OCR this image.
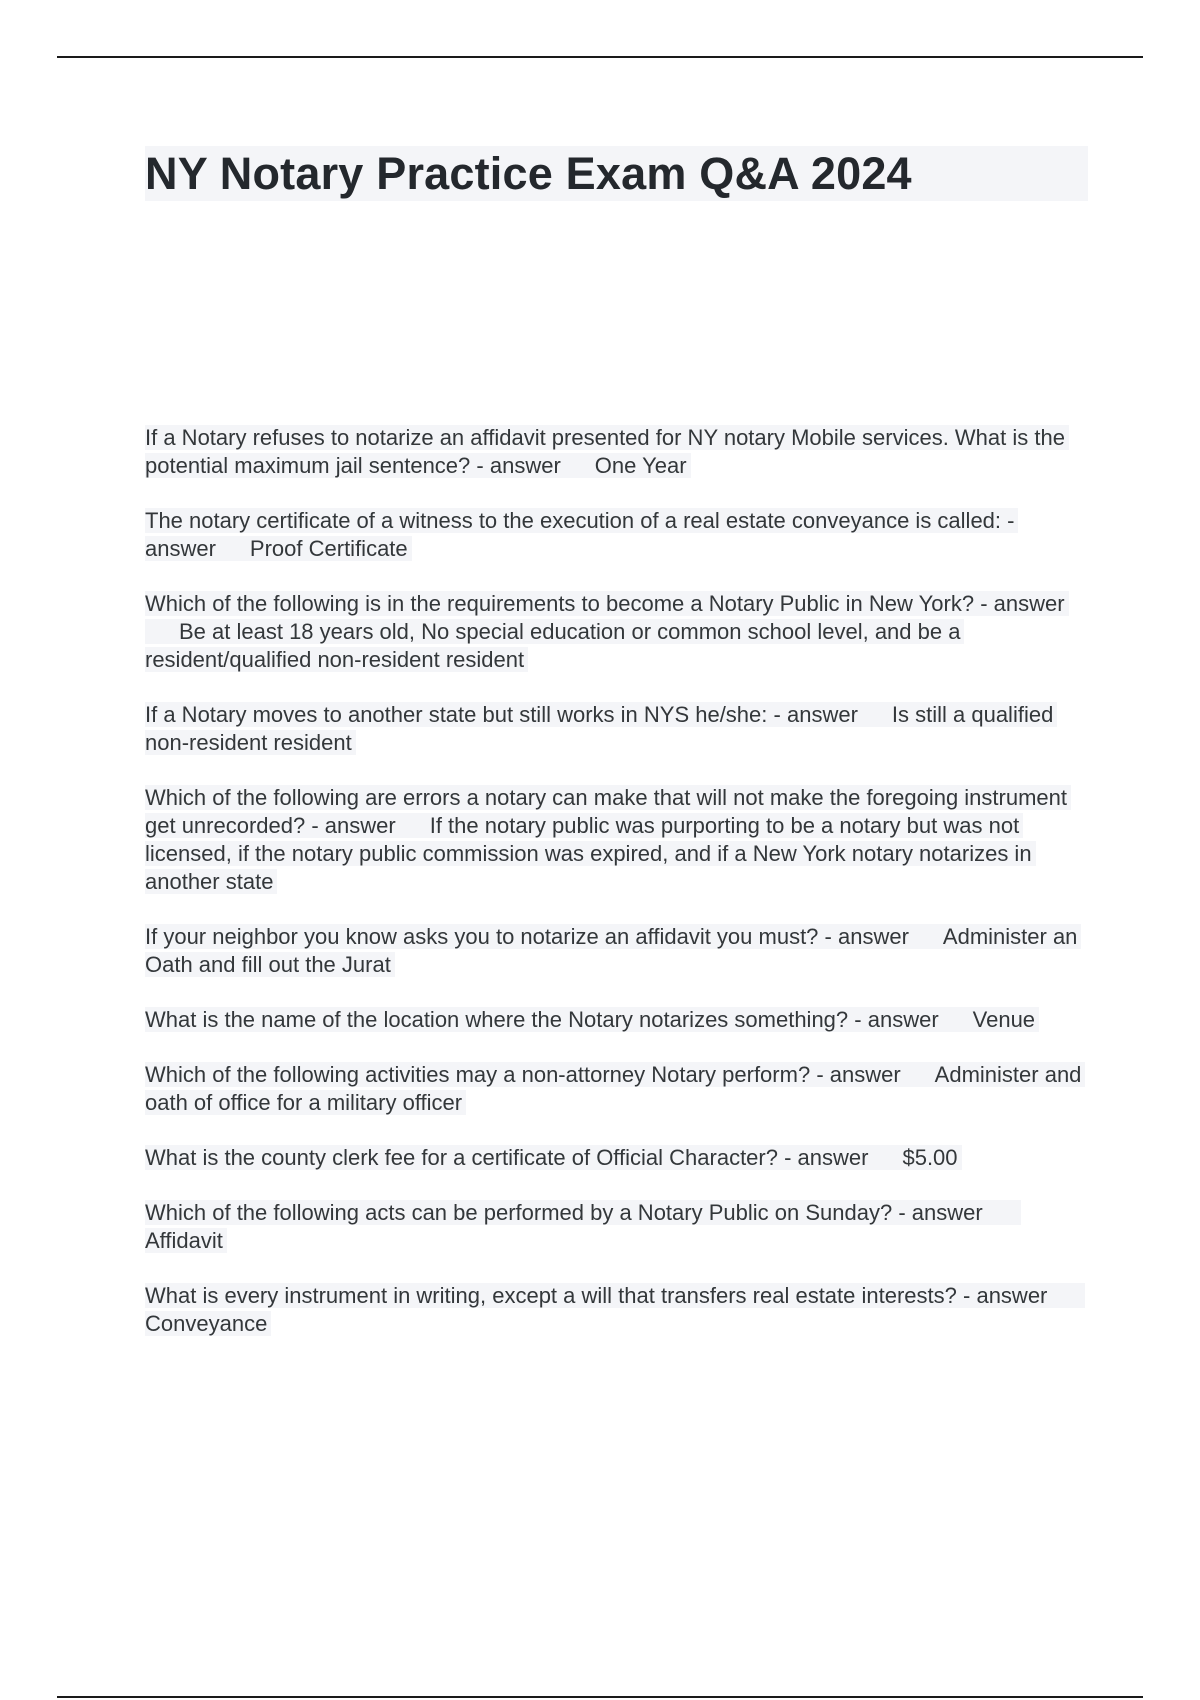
NY Notary Practice Exam Q&A 2024

If a Notary refuses to notarize an affidavit presented for NY notary Mobile services. What is the potential maximum jail sentence? - answer One Year

The notary certificate of a witness to the execution of a real estate conveyance is called: - answer Proof Certificate

Which of the following is in the requirements to become a Notary Public in New York? - answerBe at least 18 years old, No special education or common school level, and be a resident/qualified non-resident resident

If a Notary moves to another state but still works in NYS he/she: - answer Is still a qualified non-resident resident

Which of the following are errors a notary can make that will not make the foregoing instrument get unrecorded? - answer If the notary public was purporting to be a notary but was not licensed, if the notary public commission was expired, and if a New York notary notarizes in another state

If your neighbor you know asks you to notarize an affidavit you must? - answer Administer an Oath and fill out the Jurat

What is the name of the location where the Notary notarizes something? - answer Venue

Which of the following activities may a non-attorney Notary perform? - answer Administer and oath of office for a military officer

What is the county clerk fee for a certificate of Official Character? - answer $5.00

Which of the following acts can be performed by a Notary Public on Sunday? - answerAffidavit

What is every instrument in writing, except a will that transfers real estate interests? - answerConveyance
